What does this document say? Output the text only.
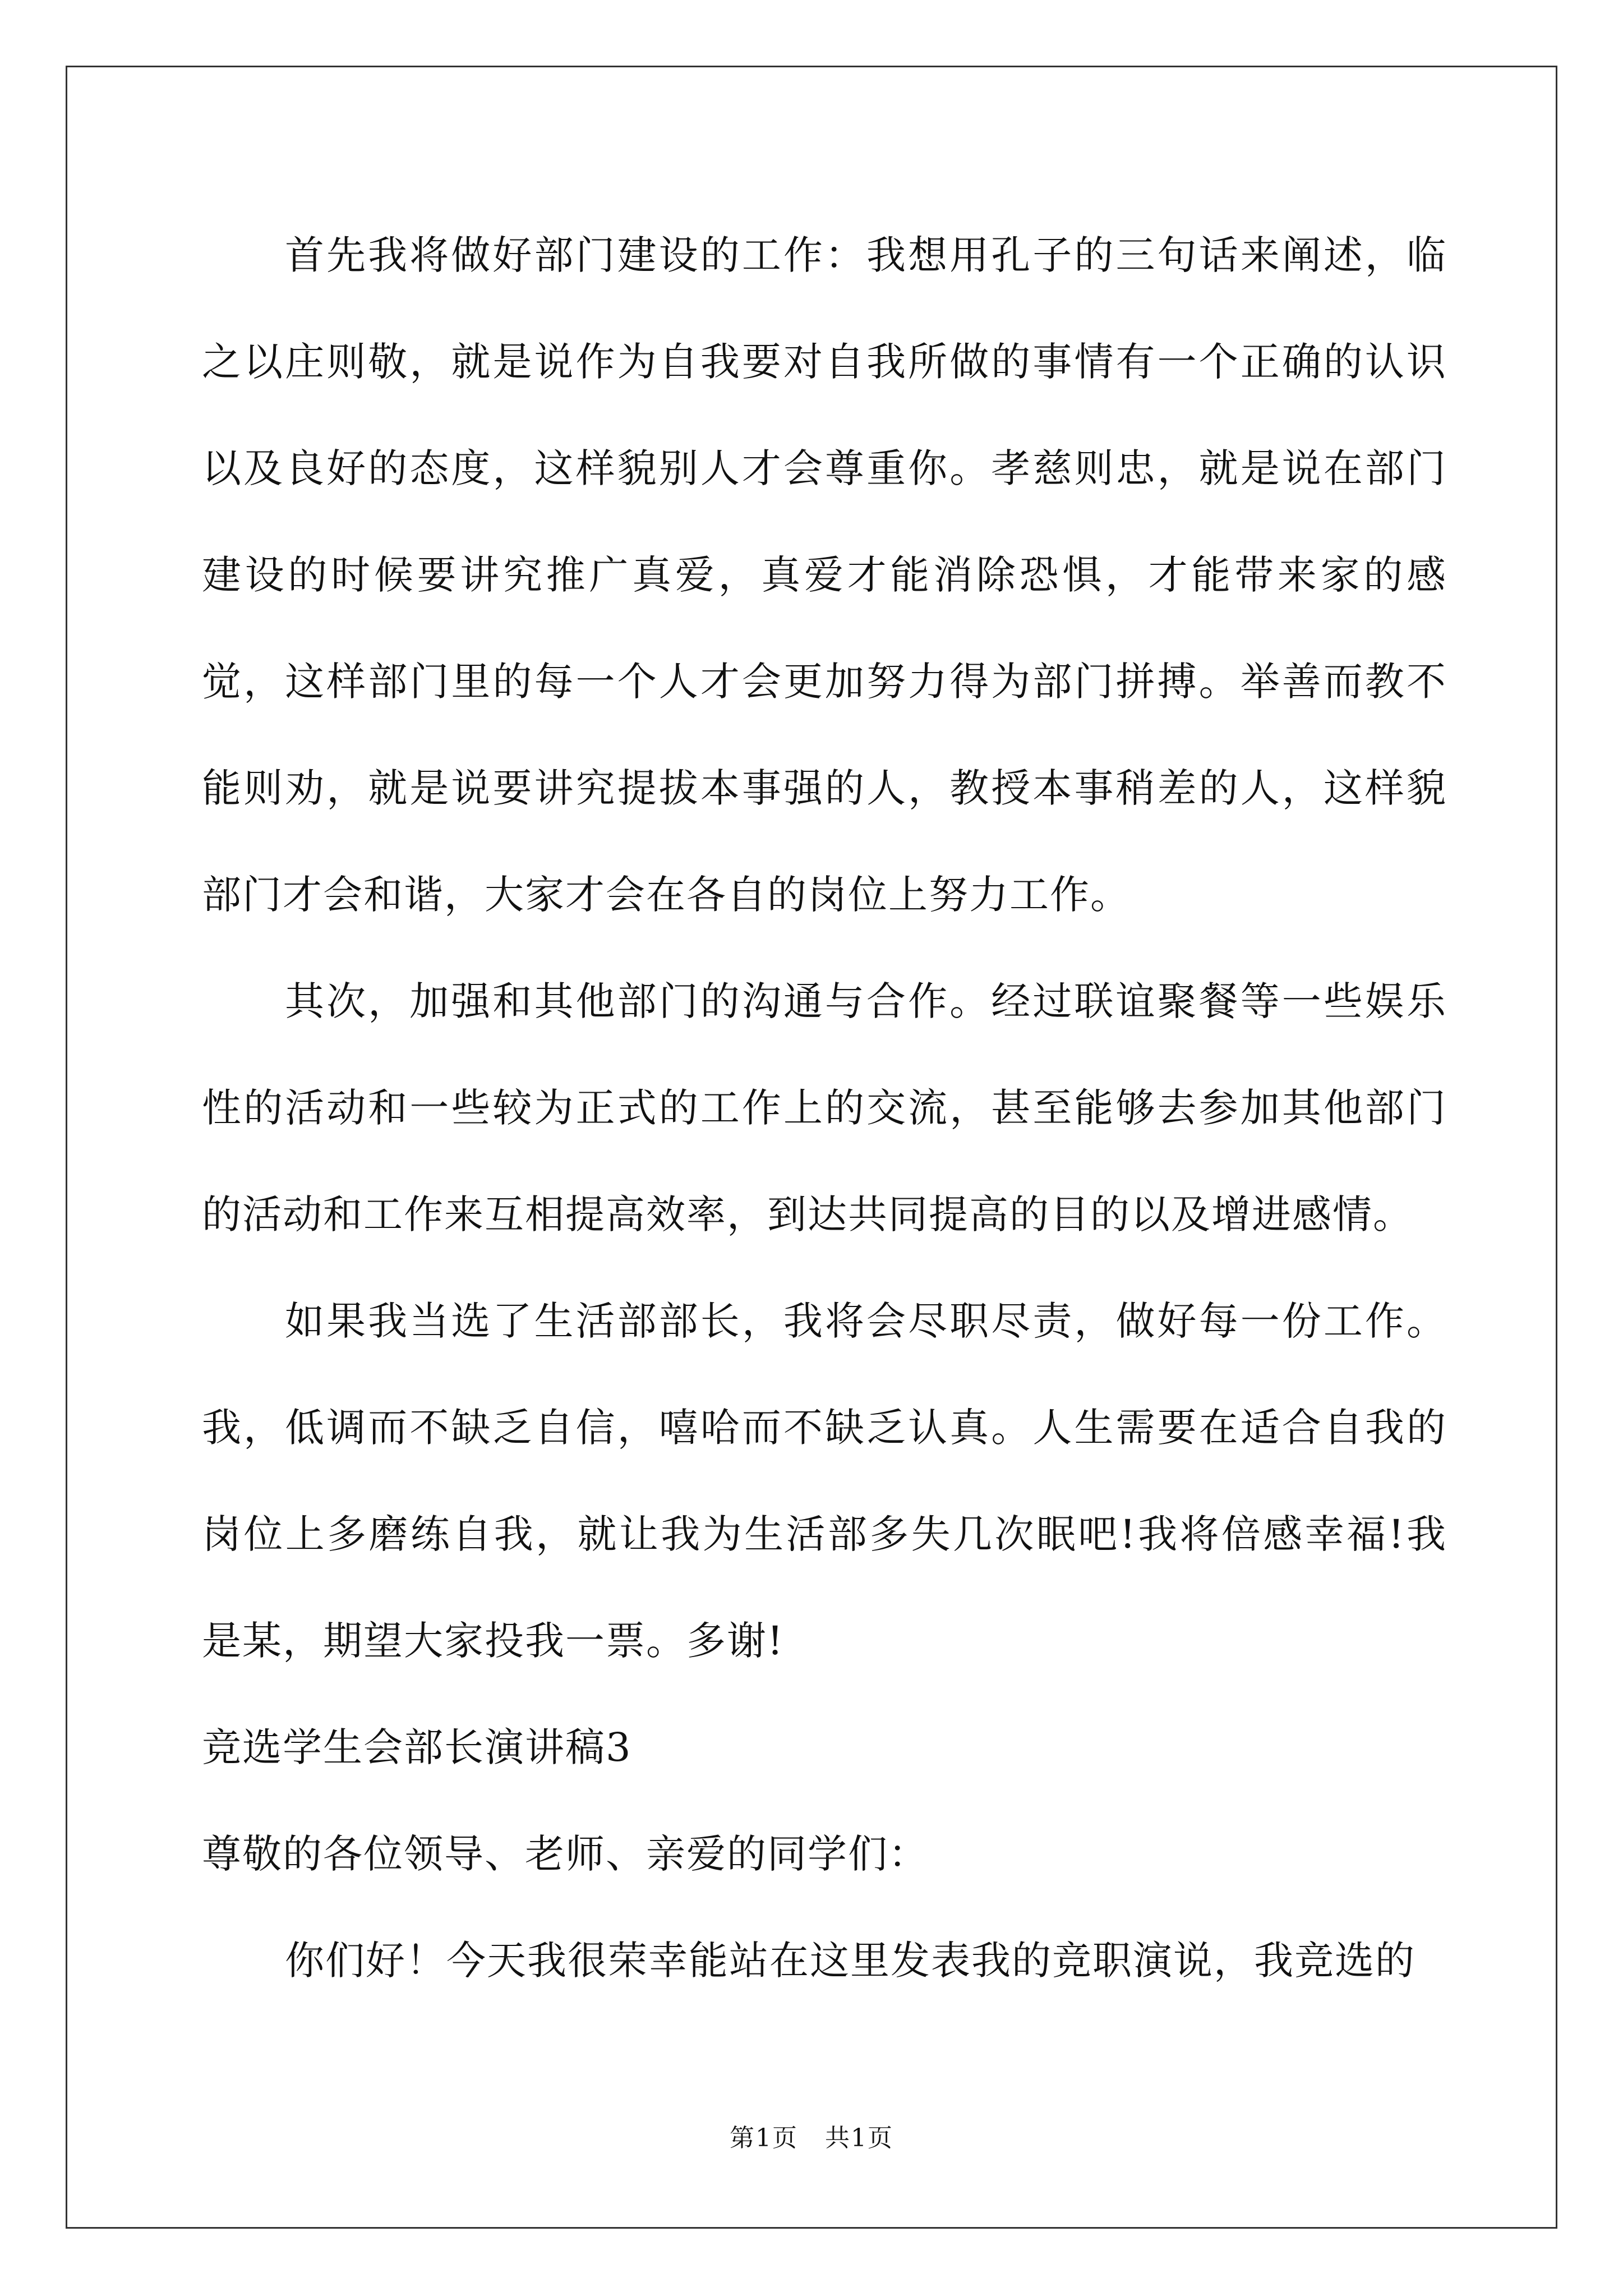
首先我将做好部门建设的工作：我想用孔子的三句话来阐述，临之以庄则敬，就是说作为自我要对自我所做的事情有一个正确的认识以及良好的态度，这样貌别人才会尊重你。孝慈则忠，就是说在部门建设的时候要讲究推广真爱，真爱才能消除恐惧，才能带来家的感觉，这样部门里的每一个人才会更加努力得为部门拼搏。举善而教不能则劝，就是说要讲究提拔本事强的人，教授本事稍差的人，这样貌部门才会和谐，大家才会在各自的岗位上努力工作。

其次，加强和其他部门的沟通与合作。经过联谊聚餐等一些娱乐性的活动和一些较为正式的工作上的交流，甚至能够去参加其他部门的活动和工作来互相提高效率，到达共同提高的目的以及增进感情。

如果我当选了生活部部长，我将会尽职尽责，做好每一份工作。我，低调而不缺乏自信，嘻哈而不缺乏认真。人生需要在适合自我的岗位上多磨练自我，就让我为生活部多失几次眠吧!我将倍感幸福!我是某，期望大家投我一票。多谢!

竞选学生会部长演讲稿3

尊敬的各位领导、老师、亲爱的同学们：

你们好！今天我很荣幸能站在这里发表我的竞职演说，我竞选的

第1页 共1页
